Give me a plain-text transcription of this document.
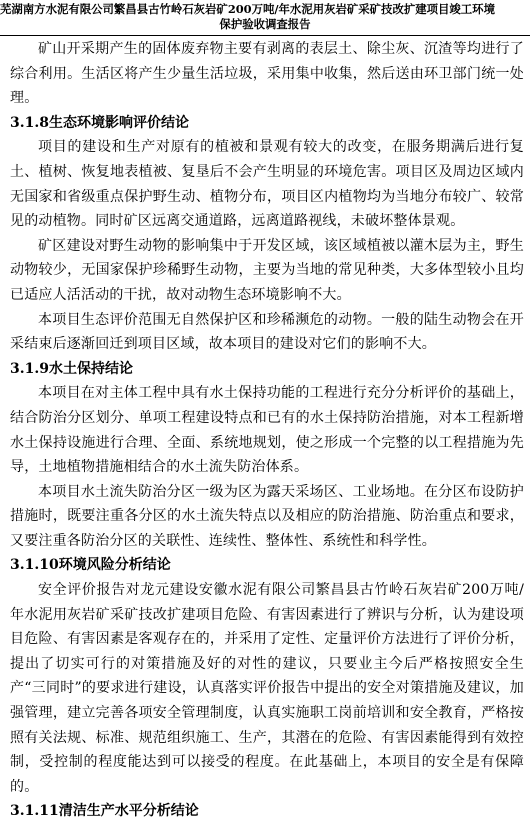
芜湖南方水泥有限公司繁昌县古竹岭石灰岩矿200万吨/年水泥用灰岩矿采矿技改扩建项目竣工环境
保护验收调查报告

矿山开采期产生的固体废弃物主要有剥离的表层土、除尘灰、沉渣等均进行了综合利用。生活区将产生少量生活垃圾，采用集中收集，然后送由环卫部门统一处理。

3.1.8生态环境影响评价结论

项目的建设和生产对原有的植被和景观有较大的改变，在服务期满后进行复土、植树、恢复地表植被、复垦后不会产生明显的环境危害。项目区及周边区域内无国家和省级重点保护野生动、植物分布，项目区内植物均为当地分布较广、较常见的动植物。同时矿区远离交通道路，远离道路视线，未破坏整体景观。

矿区建设对野生动物的影响集中于开发区域，该区域植被以灌木层为主，野生动物较少，无国家保护珍稀野生动物，主要为当地的常见种类，大多体型较小且均已适应人活活动的干扰，故对动物生态环境影响不大。

本项目生态评价范围无自然保护区和珍稀濒危的动物。一般的陆生动物会在开采结束后逐渐回迁到项目区域，故本项目的建设对它们的影响不大。

3.1.9水土保持结论

本项目在对主体工程中具有水土保持功能的工程进行充分分析评价的基础上，结合防治分区划分、单项工程建设特点和已有的水土保持防治措施，对本工程新增水土保持设施进行合理、全面、系统地规划，使之形成一个完整的以工程措施为先导，土地植物措施相结合的水土流失防治体系。

本项目水土流失防治分区一级为区为露天采场区、工业场地。在分区布设防护措施时，既要注重各分区的水土流失特点以及相应的防治措施、防治重点和要求，又要注重各防治分区的关联性、连续性、整体性、系统性和科学性。

3.1.10环境风险分析结论

安全评价报告对龙元建设安徽水泥有限公司繁昌县古竹岭石灰岩矿200万吨/年水泥用灰岩矿采矿技改扩建项目危险、有害因素进行了辨识与分析，认为建设项目危险、有害因素是客观存在的，并采用了定性、定量评价方法进行了评价分析，提出了切实可行的对策措施及好的对性的建议，只要业主今后严格按照安全生产“三同时”的要求进行建设，认真落实评价报告中提出的安全对策措施及建议，加强管理，建立完善各项安全管理制度，认真实施职工岗前培训和安全教育，严格按照有关法规、标准、规范组织施工、生产，其潜在的危险、有害因素能得到有效控制，受控制的程度能达到可以接受的程度。在此基础上，本项目的安全是有保障的。

3.1.11清洁生产水平分析结论
